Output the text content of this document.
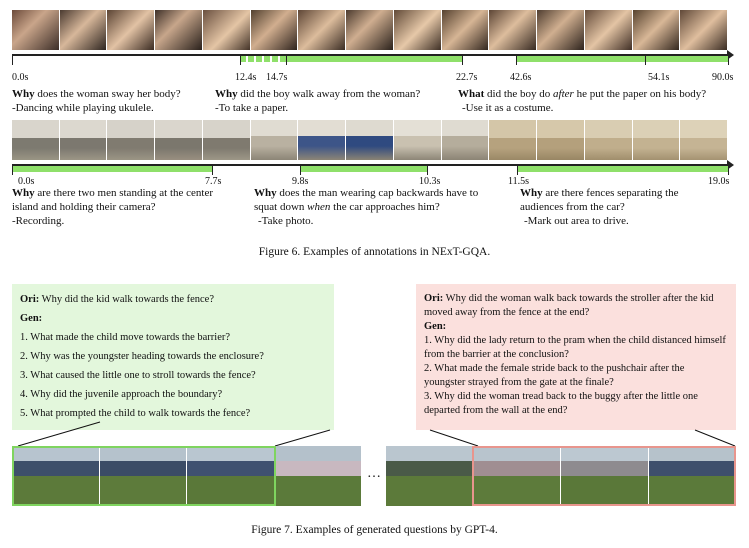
0.0s	12.4s 14.7s	22.7s	42.6s	54.1s	90.0s
Why does the woman sway her body?
-Dancing while playing ukulele.
Why did the boy walk away from the woman?
-To take a paper.
What did the boy do after he put the paper on his body?
-Use it as a costume.
0.0s	7.7s	9.8s	10.3s	11.5s	19.0s
Why are there two men standing at the center island and holding their camera?
-Recording.
Why does the man wearing cap backwards have to squat down when the car approaches him?
-Take photo.
Why are there fences separating the audiences from the car?
-Mark out area to drive.
Figure 6. Examples of annotations in NExT-GQA.
Ori: Why did the kid walk towards the fence?
Gen:
1. What made the child move towards the barrier?
2. Why was the youngster heading towards the enclosure?
3. What caused the little one to stroll towards the fence?
4. Why did the juvenile approach the boundary?
5. What prompted the child to walk towards the fence?
Ori: Why did the woman walk back towards the stroller after the kid moved away from the fence at the end?
Gen:
1. Why did the lady return to the pram when the child distanced himself from the barrier at the conclusion?
2. What made the female stride back to the pushchair after the youngster strayed from the gate at the finale?
3. Why did the woman tread back to the buggy after the little one departed from the wall at the end?
…
Figure 7. Examples of generated questions by GPT-4.
